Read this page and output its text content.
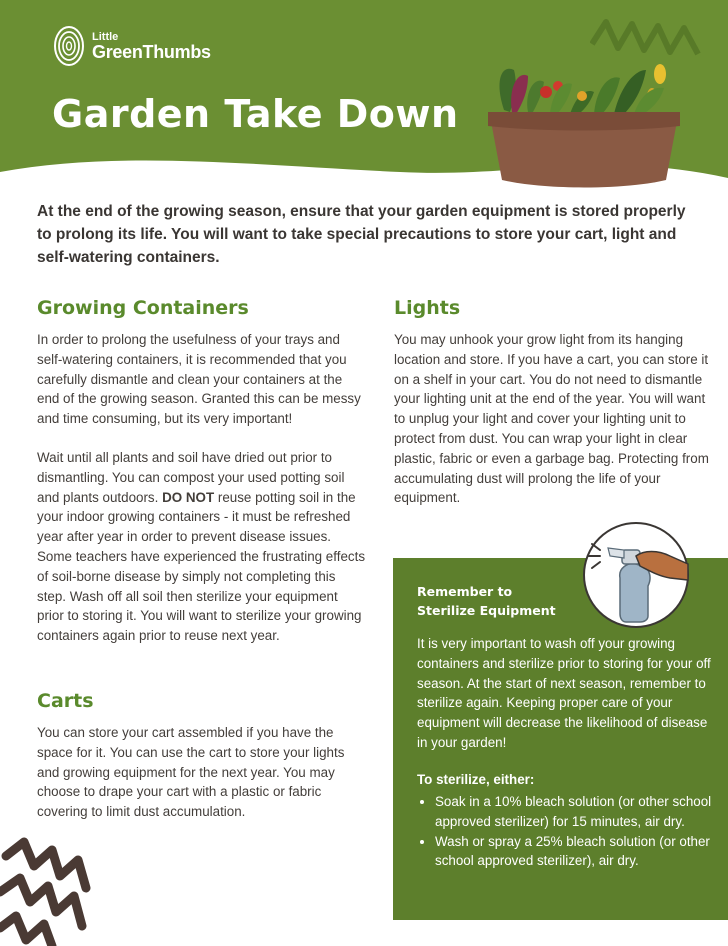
Little
GreenThumbs
Garden Take Down

At the end of the growing season, ensure that your garden equipment is stored properly to prolong its life. You will want to take special precautions to store your cart, light and self-watering containers.

Growing Containers

In order to prolong the usefulness of your trays and self-watering containers, it is recommended that you carefully dismantle and clean your containers at the end of the growing season. Granted this can be messy and time consuming, but its very important!

Wait until all plants and soil have dried out prior to dismantling. You can compost your used potting soil and plants outdoors. DO NOT reuse potting soil in the your indoor growing containers - it must be refreshed year after year in order to prevent disease issues. Some teachers have experienced the frustrating effects of soil-borne disease by simply not completing this step. Wash off all soil then sterilize your equipment prior to storing it. You will want to sterilize your growing containers again prior to reuse next year.

Carts

You can store your cart assembled if you have the space for it. You can use the cart to store your lights and growing equipment for the next year. You may choose to drape your cart with a plastic or fabric covering to limit dust accumulation.

Lights

You may unhook your grow light from its hanging location and store. If you have a cart, you can store it on a shelf in your cart. You do not need to dismantle your lighting unit at the end of the year. You will want to unplug your light and cover your lighting unit to protect from dust. You can wrap your light in clear plastic, fabric or even a garbage bag. Protecting from accumulating dust will prolong the life of your equipment.

Remember to
Sterilize Equipment

It is very important to wash off your growing containers and sterilize prior to storing for your off season. At the start of next season, remember to sterilize again. Keeping proper care of your equipment will decrease the likelihood of disease in your garden!

To sterilize, either:

• Soak in a 10% bleach solution (or other school approved sterilizer) for 15 minutes, air dry.
• Wash or spray a 25% bleach solution (or other school approved sterilizer), air dry.
